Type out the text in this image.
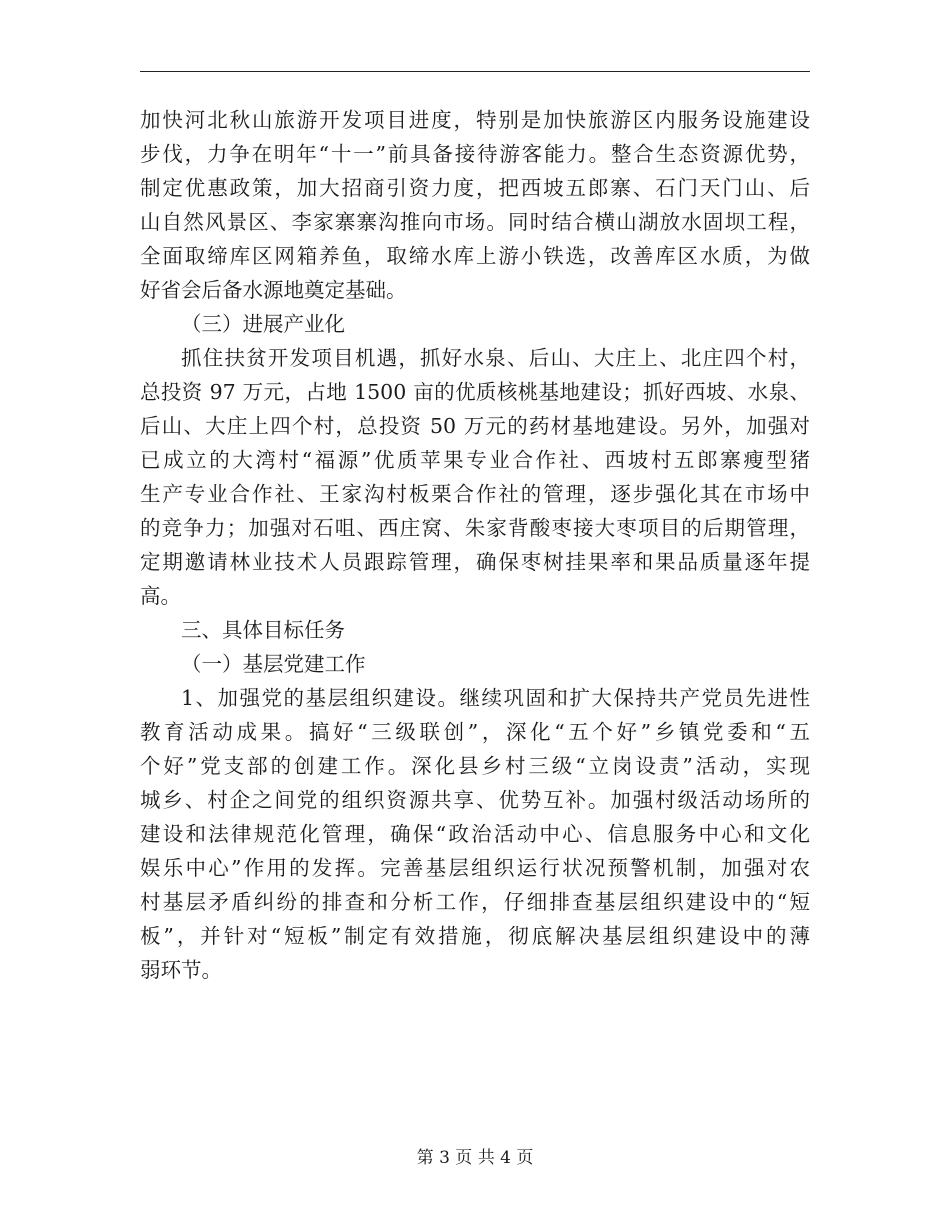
加快河北秋山旅游开发项目进度，特别是加快旅游区内服务设施建设
步伐，力争在明年“十一”前具备接待游客能力。整合生态资源优势，
制定优惠政策，加大招商引资力度，把西坡五郎寨、石门天门山、后
山自然风景区、李家寨寨沟推向市场。同时结合横山湖放水固坝工程，
全面取缔库区网箱养鱼，取缔水库上游小铁选，改善库区水质，为做
好省会后备水源地奠定基础。
（三）进展产业化
抓住扶贫开发项目机遇，抓好水泉、后山、大庄上、北庄四个村，
总投资 97 万元，占地 1500 亩的优质核桃基地建设；抓好西坡、水泉、
后山、大庄上四个村，总投资 50 万元的药材基地建设。另外，加强对
已成立的大湾村“福源”优质苹果专业合作社、西坡村五郎寨瘦型猪
生产专业合作社、王家沟村板栗合作社的管理，逐步强化其在市场中
的竞争力；加强对石咀、西庄窝、朱家背酸枣接大枣项目的后期管理，
定期邀请林业技术人员跟踪管理，确保枣树挂果率和果品质量逐年提
高。
三、具体目标任务
（一）基层党建工作
1、加强党的基层组织建设。继续巩固和扩大保持共产党员先进性
教育活动成果。搞好“三级联创”，深化“五个好”乡镇党委和“五
个好”党支部的创建工作。深化县乡村三级“立岗设责”活动，实现
城乡、村企之间党的组织资源共享、优势互补。加强村级活动场所的
建设和法律规范化管理，确保“政治活动中心、信息服务中心和文化
娱乐中心”作用的发挥。完善基层组织运行状况预警机制，加强对农
村基层矛盾纠纷的排查和分析工作，仔细排查基层组织建设中的“短
板”，并针对“短板”制定有效措施，彻底解决基层组织建设中的薄
弱环节。
第 3 页 共 4 页
